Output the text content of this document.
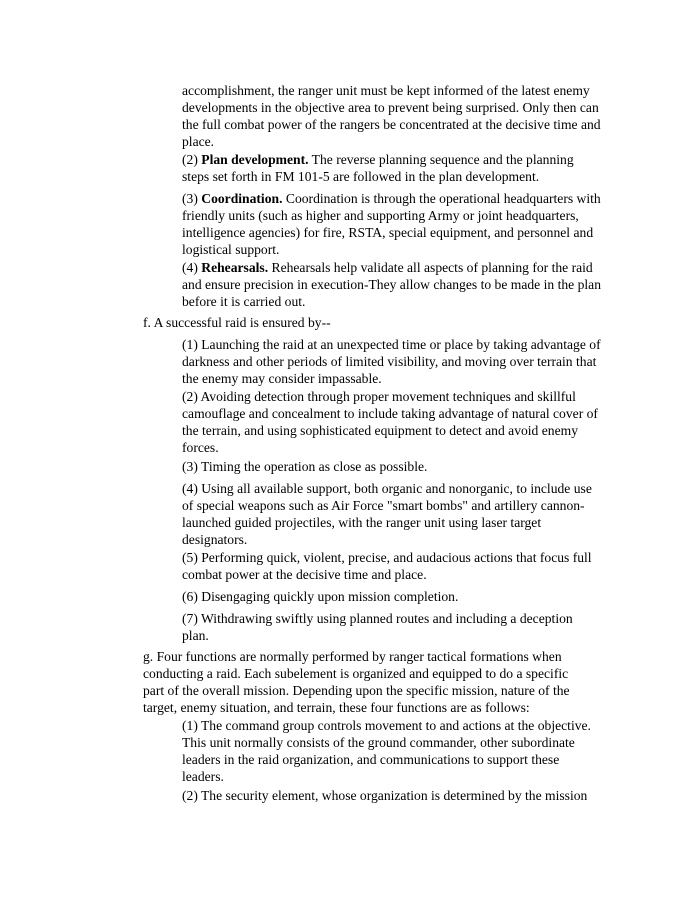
accomplishment, the ranger unit must be kept informed of the latest enemy developments in the objective area to prevent being surprised. Only then can the full combat power of the rangers be concentrated at the decisive time and place.

(2) Plan development. The reverse planning sequence and the planning steps set forth in FM 101-5 are followed in the plan development.

(3) Coordination. Coordination is through the operational headquarters with friendly units (such as higher and supporting Army or joint headquarters, intelligence agencies) for fire, RSTA, special equipment, and personnel and logistical support.

(4) Rehearsals. Rehearsals help validate all aspects of planning for the raid and ensure precision in execution-They allow changes to be made in the plan before it is carried out.

f. A successful raid is ensured by--

(1) Launching the raid at an unexpected time or place by taking advantage of darkness and other periods of limited visibility, and moving over terrain that the enemy may consider impassable.

(2) Avoiding detection through proper movement techniques and skillful camouflage and concealment to include taking advantage of natural cover of the terrain, and using sophisticated equipment to detect and avoid enemy forces.

(3) Timing the operation as close as possible.

(4) Using all available support, both organic and nonorganic, to include use of special weapons such as Air Force "smart bombs" and artillery cannon-launched guided projectiles, with the ranger unit using laser target designators.

(5) Performing quick, violent, precise, and audacious actions that focus full combat power at the decisive time and place.

(6) Disengaging quickly upon mission completion.

(7) Withdrawing swiftly using planned routes and including a deception plan.

g. Four functions are normally performed by ranger tactical formations when conducting a raid. Each subelement is organized and equipped to do a specific part of the overall mission. Depending upon the specific mission, nature of the target, enemy situation, and terrain, these four functions are as follows:

(1) The command group controls movement to and actions at the objective. This unit normally consists of the ground commander, other subordinate leaders in the raid organization, and communications to support these leaders.

(2) The security element, whose organization is determined by the mission
